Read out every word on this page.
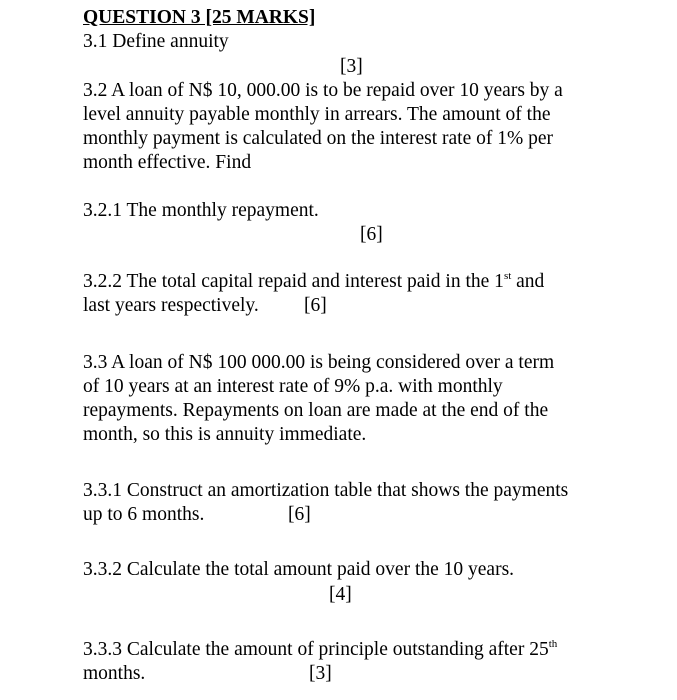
QUESTION 3 [25 MARKS]

3.1 Define annuity

[3]

3.2 A loan of N$ 10, 000.00 is to be repaid over 10 years by a

level annuity payable monthly in arrears. The amount of the

monthly payment is calculated on the interest rate of 1% per

month effective. Find

3.2.1 The monthly repayment.

[6]

3.2.2 The total capital repaid and interest paid in the 1st and

last years respectively. [6]

3.3 A loan of N$ 100 000.00 is being considered over a term

of 10 years at an interest rate of 9% p.a. with monthly

repayments. Repayments on loan are made at the end of the

month, so this is annuity immediate.

3.3.1 Construct an amortization table that shows the payments

up to 6 months.	[6]

3.3.2 Calculate the total amount paid over the 10 years.

[4]

3.3.3 Calculate the amount of principle outstanding after 25th

months.	[3]
